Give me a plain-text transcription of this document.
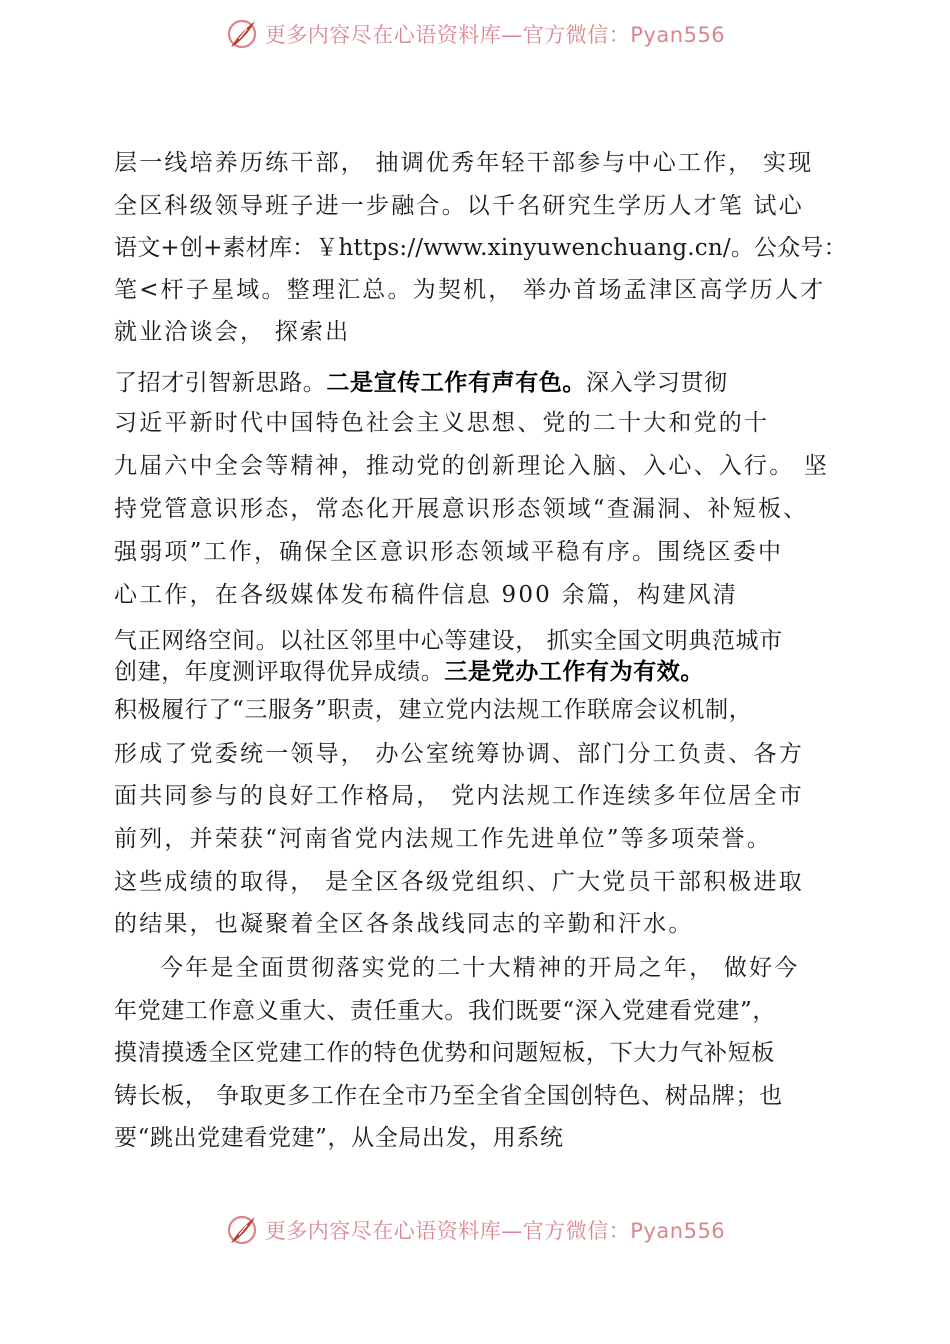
更多内容尽在心语资料库—官方微信：Pyan556
层一线培养历练干部， 抽调优秀年轻干部参与中心工作， 实现
全区科级领导班子进一步融合。以千名研究生学历人才笔 试心
语文+创+素材库：￥https://www.xinyuwenchuang.cn/。公众号：
笔<杆子星域。整理汇总。为契机， 举办首场孟津区高学历人才
就业洽谈会， 探索出
了招才引智新思路。二是宣传工作有声有色。深入学习贯彻
习近平新时代中国特色社会主义思想、党的二十大和党的十
九届六中全会等精神，推动党的创新理论入脑、入心、入行。 坚
持党管意识形态，常态化开展意识形态领域“查漏洞、补短板、
强弱项”工作，确保全区意识形态领域平稳有序。围绕区委中
心工作，在各级媒体发布稿件信息 900 余篇，构建风清
气正网络空间。以社区邻里中心等建设， 抓实全国文明典范城市
创建，年度测评取得优异成绩。三是党办工作有为有效。
积极履行了“三服务”职责，建立党内法规工作联席会议机制，
形成了党委统一领导， 办公室统筹协调、部门分工负责、各方
面共同参与的良好工作格局， 党内法规工作连续多年位居全市
前列，并荣获“河南省党内法规工作先进单位”等多项荣誉。
这些成绩的取得， 是全区各级党组织、广大党员干部积极进取
的结果，也凝聚着全区各条战线同志的辛勤和汗水。
今年是全面贯彻落实党的二十大精神的开局之年， 做好今
年党建工作意义重大、责任重大。我们既要“深入党建看党建”，
摸清摸透全区党建工作的特色优势和问题短板，下大力气补短板
铸长板， 争取更多工作在全市乃至全省全国创特色、树品牌；也
要“跳出党建看党建”，从全局出发，用系统
更多内容尽在心语资料库—官方微信：Pyan556
